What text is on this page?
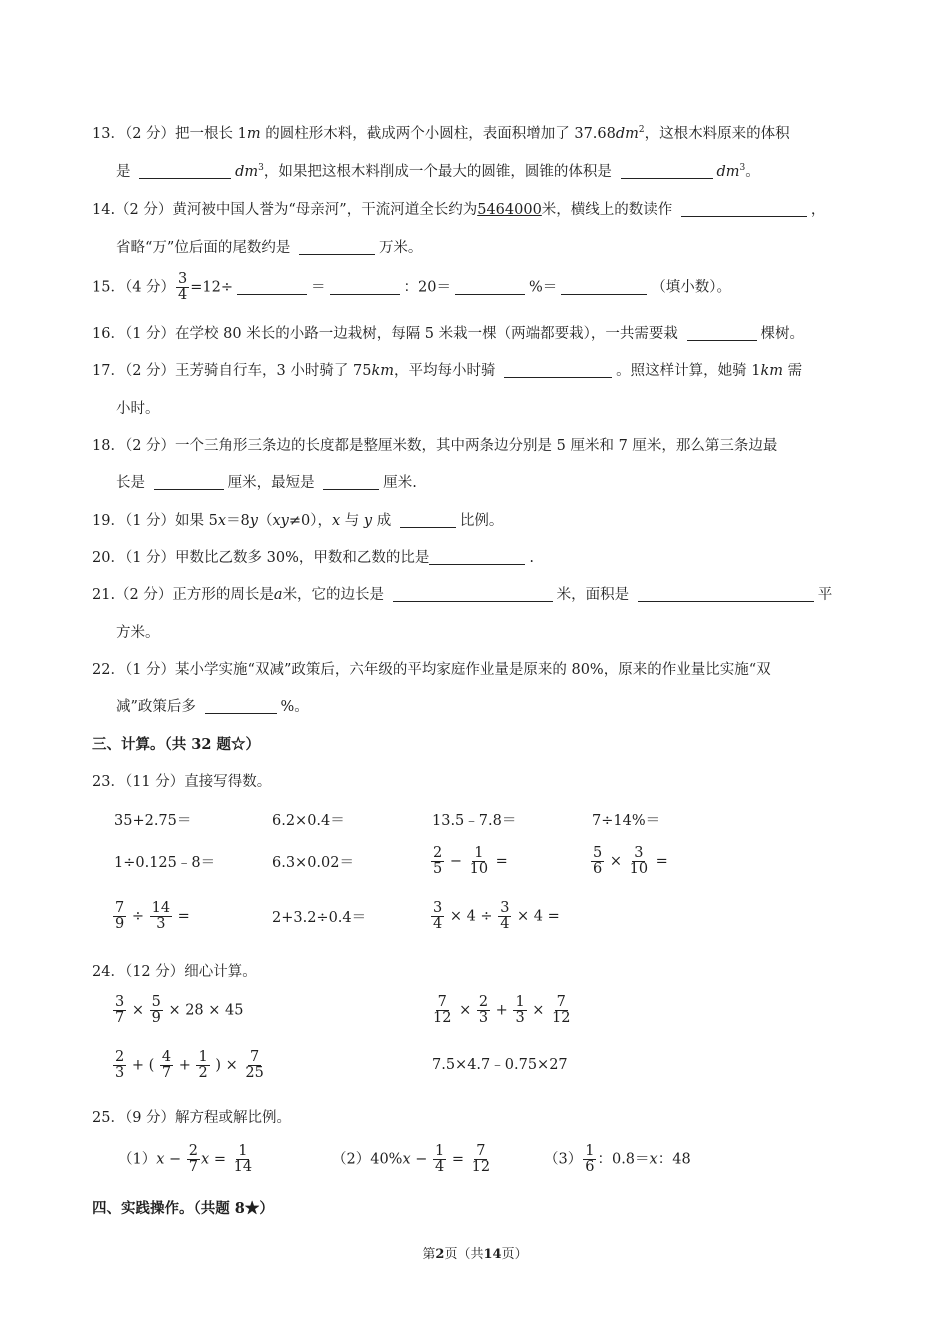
13．（2 分）把一根长 1m 的圆柱形木料，截成两个小圆柱，表面积增加了 $37.68dm^2$，这根木料原来的体积
是	$dm^3$，如果把这根木料削成一个最大的圆锥，圆锥的体积是	$dm^3$。
14.（2 分）黄河被中国人誉为“母亲河”，干流河道全长约为5464000米，横线上的数读作	，
省略“万”位后面的尾数约是	万米。
15．（4 分） $\frac{3}{4} =12\div$	＝	：20＝	%＝	（填小数）。
16．（1 分）在学校 80 米长的小路一边栽树，每隔 5 米栽一棵（两端都要栽），一共需要栽	棵树。
17．（2 分）王芳骑自行车，3 小时骑了 75km，平均每小时骑	。照这样计算，她骑 1km 需
小时。
18．（2 分）一个三角形三条边的长度都是整厘米数，其中两条边分别是 5 厘米和 7 厘米，那么第三条边最
长是	厘米，最短是	厘米.
19．（1 分）如果 5x＝8y（xy≠0），x 与 y 成	比例。
20．（1 分）甲数比乙数多 30%，甲数和乙数的比是	.
21.（2 分）正方形的周长是a米，它的边长是	米，面积是	平
方米。
22．（1 分）某小学实施“双减”政策后，六年级的平均家庭作业量是原来的 80%，原来的作业量比实施“双
减”政策后多	%。
三、计算。（共 32 题☆）
23．（11 分）直接写得数。
35+2.75＝	6.2×0.4＝	13.5﹣7.8＝	7÷14%＝
1÷0.125﹣8＝	6.3×0.02＝	$\frac{2}{5} - \frac{1}{10}$ =	$\frac{5}{6} \times \frac{3}{10}$ =
$\frac{7}{9} \div \frac{14}{3}$ =	2+3.2÷0.4＝	$\frac{3}{4} \times 4 \div \frac{3}{4} \times 4$ =
24．（12 分）细心计算。
$\frac{3}{7} \times \frac{5}{9} \times 28 \times 45$	$\frac{7}{12} \times \frac{2}{3} + \frac{1}{3} \times \frac{7}{12}$
$\frac{2}{3}$ + ( $\frac{4}{7} + \frac{1}{2}$ ) × $\frac{7}{25}$	7.5×4.7﹣0.75×27
25．（9 分）解方程或解比例。
$(1)x - \frac{2}{7}$ $x = \frac{1}{14}$	$(2)40\%x - \frac{1}{4} = \frac{7}{12}$	$(3) \frac{1}{6}$ ：0.8＝x：48
四、实践操作。（共题 8★）
第2页（共14页）
